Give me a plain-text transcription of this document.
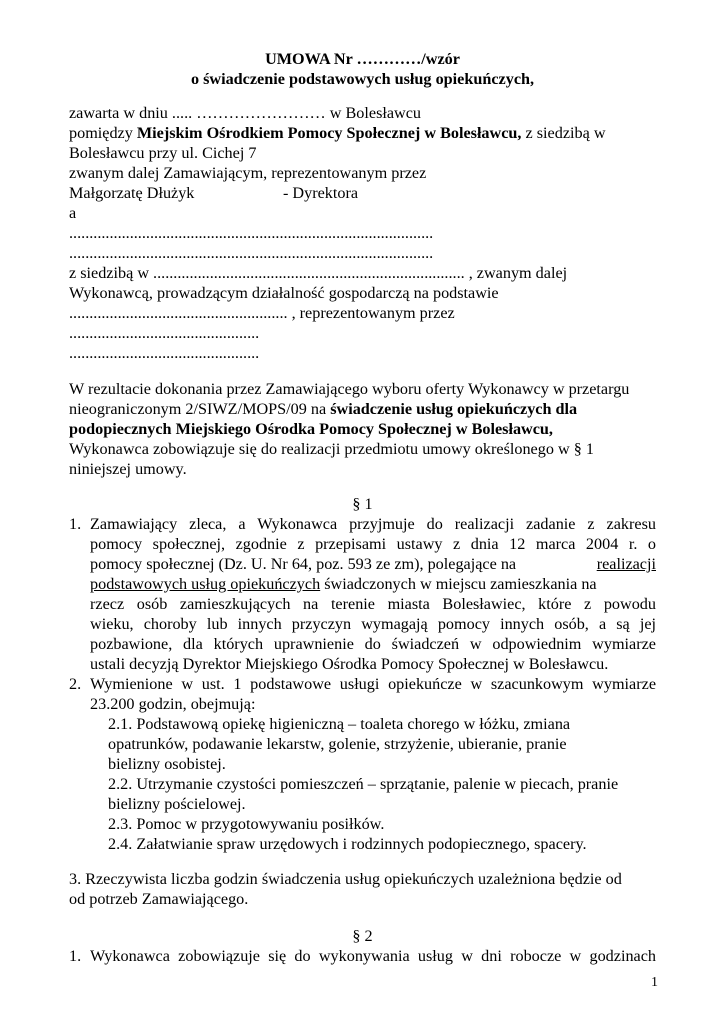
UMOWA Nr …………/wzór
o świadczenie podstawowych usług opiekuńczych,
zawarta w dniu ..... …………………… w Bolesławcu
pomiędzy Miejskim Ośrodkiem Pomocy Społecznej w Bolesławcu, z siedzibą w
Bolesławcu przy ul. Cichej 7
zwanym dalej Zamawiającym, reprezentowanym przez
Małgorzatę Dłużyk	- Dyrektora
a
..........................................................................................
..........................................................................................
z siedzibą w ............................................................................. , zwanym dalej
Wykonawcą, prowadzącym działalność gospodarczą na podstawie
...................................................... , reprezentowanym przez
...............................................
...............................................
W rezultacie dokonania przez Zamawiającego wyboru oferty Wykonawcy w przetargu
nieograniczonym 2/SIWZ/MOPS/09 na świadczenie usług opiekuńczych dla
podopiecznych Miejskiego Ośrodka Pomocy Społecznej w Bolesławcu,
Wykonawca zobowiązuje się do realizacji przedmiotu umowy określonego w § 1
niniejszej umowy.
§ 1
1. Zamawiający zleca, a Wykonawca przyjmuje do realizacji zadanie z zakresu
pomocy społecznej, zgodnie z przepisami ustawy z dnia 12 marca 2004 r. o
pomocy społecznej (Dz. U. Nr 64, poz. 593 ze zm), polegające na	realizacji
podstawowych usług opiekuńczych świadczonych w miejscu zamieszkania na
rzecz osób zamieszkujących na terenie miasta Bolesławiec, które z powodu
wieku, choroby lub innych przyczyn wymagają pomocy innych osób, a są jej
pozbawione, dla których uprawnienie do świadczeń w odpowiednim wymiarze
ustali decyzją Dyrektor Miejskiego Ośrodka Pomocy Społecznej w Bolesławcu.
2. Wymienione w ust. 1 podstawowe usługi opiekuńcze w szacunkowym wymiarze
23.200 godzin, obejmują:
2.1. Podstawową opiekę higieniczną – toaleta chorego w łóżku, zmiana
opatrunków, podawanie lekarstw, golenie, strzyżenie, ubieranie, pranie
bielizny osobistej.
2.2. Utrzymanie czystości pomieszczeń – sprzątanie, palenie w piecach, pranie
bielizny pościelowej.
2.3. Pomoc w przygotowywaniu posiłków.
2.4. Załatwianie spraw urzędowych i rodzinnych podopiecznego, spacery.
3. Rzeczywista liczba godzin świadczenia usług opiekuńczych uzależniona będzie od
od potrzeb Zamawiającego.
§ 2
1. Wykonawca zobowiązuje się do wykonywania usług w dni robocze w godzinach
1
